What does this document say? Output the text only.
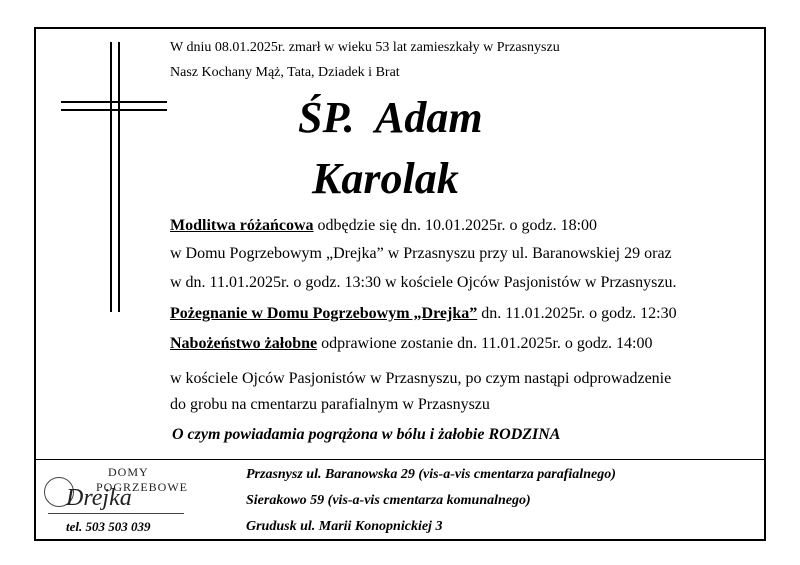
W dniu 08.01.2025r. zmarł w wieku 53 lat zamieszkały w Przasnyszu
Nasz Kochany Mąż, Tata, Dziadek i Brat
ŚP.  Adam
Karolak
Modlitwa różańcowa odbędzie się dn. 10.01.2025r. o godz. 18:00
w Domu Pogrzebowym „Drejka” w Przasnyszu przy ul. Baranowskiej 29 oraz
w dn. 11.01.2025r. o godz. 13:30 w kościele Ojców Pasjonistów w Przasnyszu.
Pożegnanie w Domu Pogrzebowym „Drejka” dn. 11.01.2025r. o godz. 12:30
Nabożeństwo żałobne odprawione zostanie dn. 11.01.2025r. o godz. 14:00
w kościele Ojców Pasjonistów w Przasnyszu, po czym nastąpi odprowadzenie
do grobu na cmentarzu parafialnym w Przasnyszu
O czym powiadamia pogrążona w bólu i żałobie RODZINA
DOMY
POGRZEBOWE
Drejka
tel. 503 503 039
Przasnysz ul. Baranowska 29 (vis-a-vis cmentarza parafialnego)
Sierakowo 59 (vis-a-vis cmentarza komunalnego)
Grudusk ul. Marii Konopnickiej 3
